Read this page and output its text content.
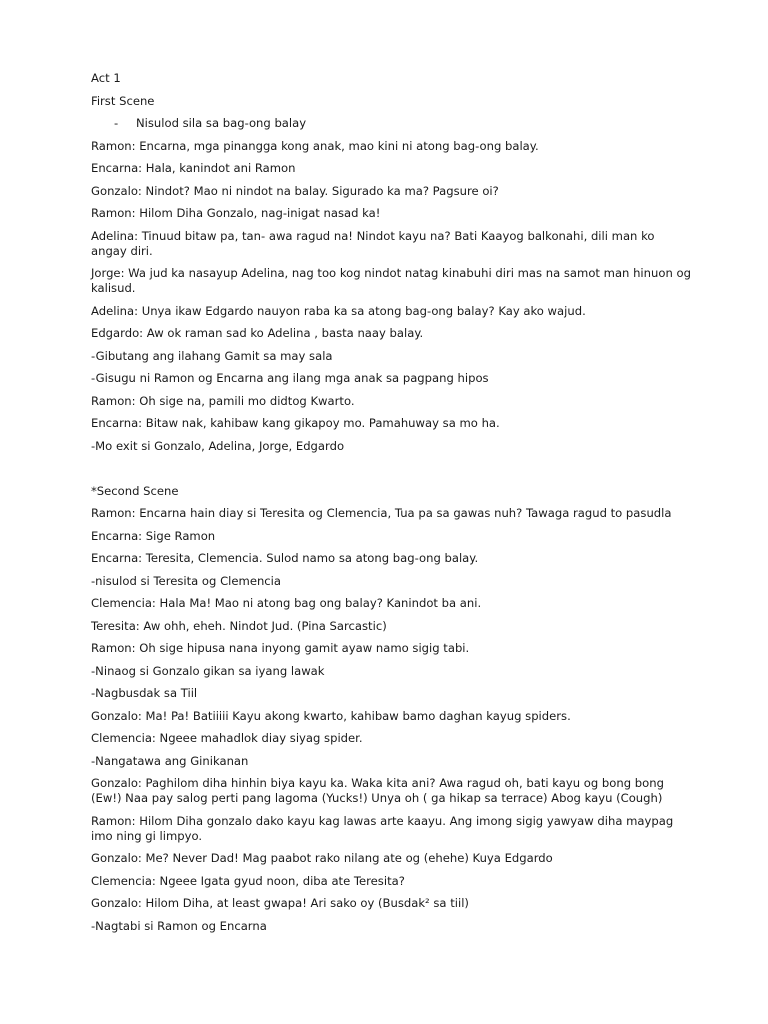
Act 1

First Scene

-	Nisulod sila sa bag-ong balay

Ramon: Encarna, mga pinangga kong anak, mao kini ni atong bag-ong balay.

Encarna: Hala, kanindot ani Ramon

Gonzalo: Nindot? Mao ni nindot na balay. Sigurado ka ma? Pagsure oi?

Ramon: Hilom Diha Gonzalo, nag-inigat nasad ka!

Adelina: Tinuud bitaw pa, tan- awa ragud na! Nindot kayu na? Bati Kaayog balkonahi, dili man ko angay diri.

Jorge: Wa jud ka nasayup Adelina, nag too kog nindot natag kinabuhi diri mas na samot man hinuon og kalisud.

Adelina: Unya ikaw Edgardo nauyon raba ka sa atong bag-ong balay? Kay ako wajud.

Edgardo: Aw ok raman sad ko Adelina , basta naay balay.

-Gibutang ang ilahang Gamit sa may sala

-Gisugu ni Ramon og Encarna ang ilang mga anak sa pagpang hipos

Ramon: Oh sige na, pamili mo didtog Kwarto.

Encarna: Bitaw nak, kahibaw kang gikapoy mo. Pamahuway sa mo ha.

-Mo exit si Gonzalo, Adelina, Jorge, Edgardo

*Second Scene

Ramon: Encarna hain diay si Teresita og Clemencia, Tua pa sa gawas nuh? Tawaga ragud to pasudla

Encarna: Sige Ramon

Encarna: Teresita, Clemencia. Sulod namo sa atong bag-ong balay.

-nisulod si Teresita og Clemencia

Clemencia: Hala Ma! Mao ni atong bag ong balay? Kanindot ba ani.

Teresita: Aw ohh, eheh. Nindot Jud. (Pina Sarcastic)

Ramon: Oh sige hipusa nana inyong gamit ayaw namo sigig tabi.

-Ninaog si Gonzalo gikan sa iyang lawak

-Nagbusdak sa Tiil

Gonzalo: Ma! Pa! Batiiiii Kayu akong kwarto, kahibaw bamo daghan kayug spiders.

Clemencia: Ngeee mahadlok diay siyag spider.

-Nangatawa ang Ginikanan

Gonzalo: Paghilom diha hinhin biya kayu ka. Waka kita ani? Awa ragud oh, bati kayu og bong bong (Ew!) Naa pay salog perti pang lagoma (Yucks!) Unya oh ( ga hikap sa terrace) Abog kayu (Cough)

Ramon: Hilom Diha gonzalo dako kayu kag lawas arte kaayu. Ang imong sigig yawyaw diha maypag imo ning gi limpyo.

Gonzalo: Me? Never Dad! Mag paabot rako nilang ate og (ehehe) Kuya Edgardo

Clemencia: Ngeee Igata gyud noon, diba ate Teresita?

Gonzalo: Hilom Diha, at least gwapa! Ari sako oy (Busdak² sa tiil)

-Nagtabi si Ramon og Encarna
